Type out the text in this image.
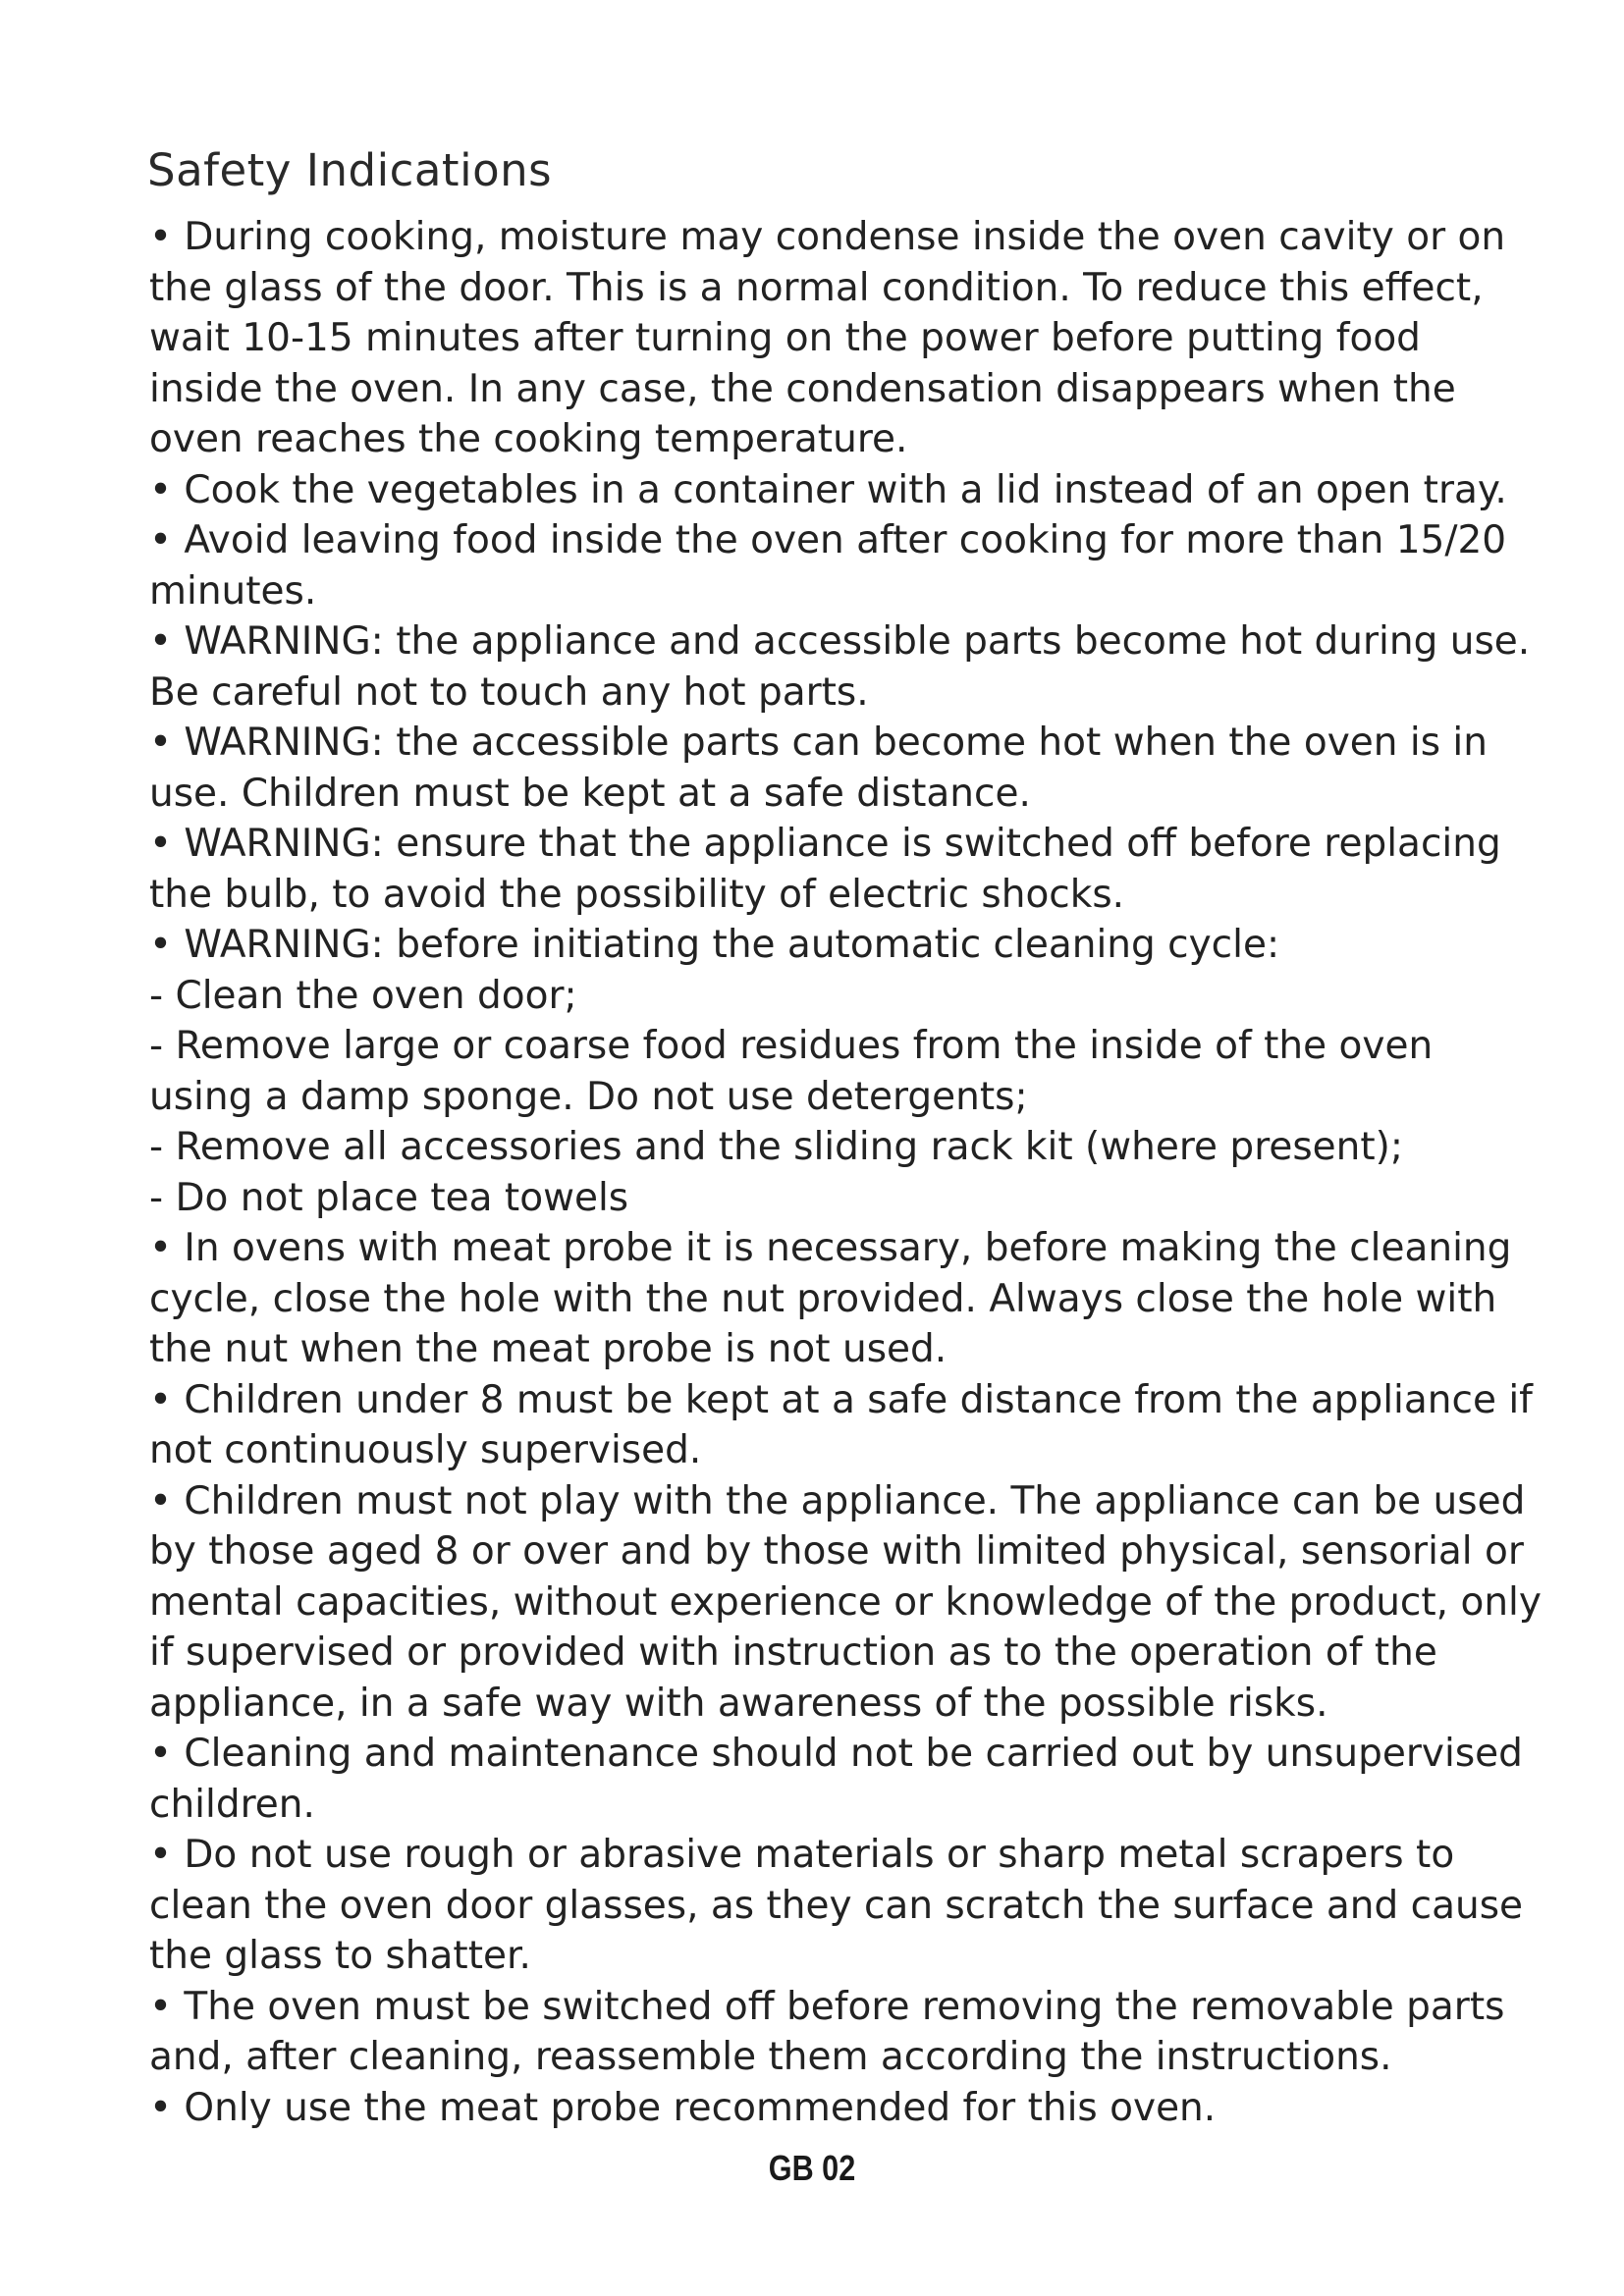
Safety Indications

• During cooking, moisture may condense inside the oven cavity or on the glass of the door. This is a normal condition. To reduce this effect, wait 10-15 minutes after turning on the power before putting food inside the oven. In any case, the condensation disappears when the oven reaches the cooking temperature.

• Cook the vegetables in a container with a lid instead of an open tray.

• Avoid leaving food inside the oven after cooking for more than 15/20 minutes.

• WARNING: the appliance and accessible parts become hot during use. Be careful not to touch any hot parts.

• WARNING: the accessible parts can become hot when the oven is in use. Children must be kept at a safe distance.

• WARNING: ensure that the appliance is switched off before replacing the bulb, to avoid the possibility of electric shocks.

• WARNING: before initiating the automatic cleaning cycle:

- Clean the oven door;

- Remove large or coarse food residues from the inside of the oven using a damp sponge. Do not use detergents;

- Remove all accessories and the sliding rack kit (where present);

- Do not place tea towels

• In ovens with meat probe it is necessary, before making the cleaning cycle, close the hole with the nut provided. Always close the hole with the nut when the meat probe is not used.

• Children under 8 must be kept at a safe distance from the appliance if not continuously supervised.

• Children must not play with the appliance. The appliance can be used by those aged 8 or over and by those with limited physical, sensorial or mental capacities, without experience or knowledge of the product, only if supervised or provided with instruction as to the operation of the appliance, in a safe way with awareness of the possible risks.

• Cleaning and maintenance should not be carried out by unsupervised children.

• Do not use rough or abrasive materials or sharp metal scrapers to clean the oven door glasses, as they can scratch the surface and cause the glass to shatter.

• The oven must be switched off before removing the removable parts and, after cleaning, reassemble them according the instructions.

• Only use the meat probe recommended for this oven.

GB 02
